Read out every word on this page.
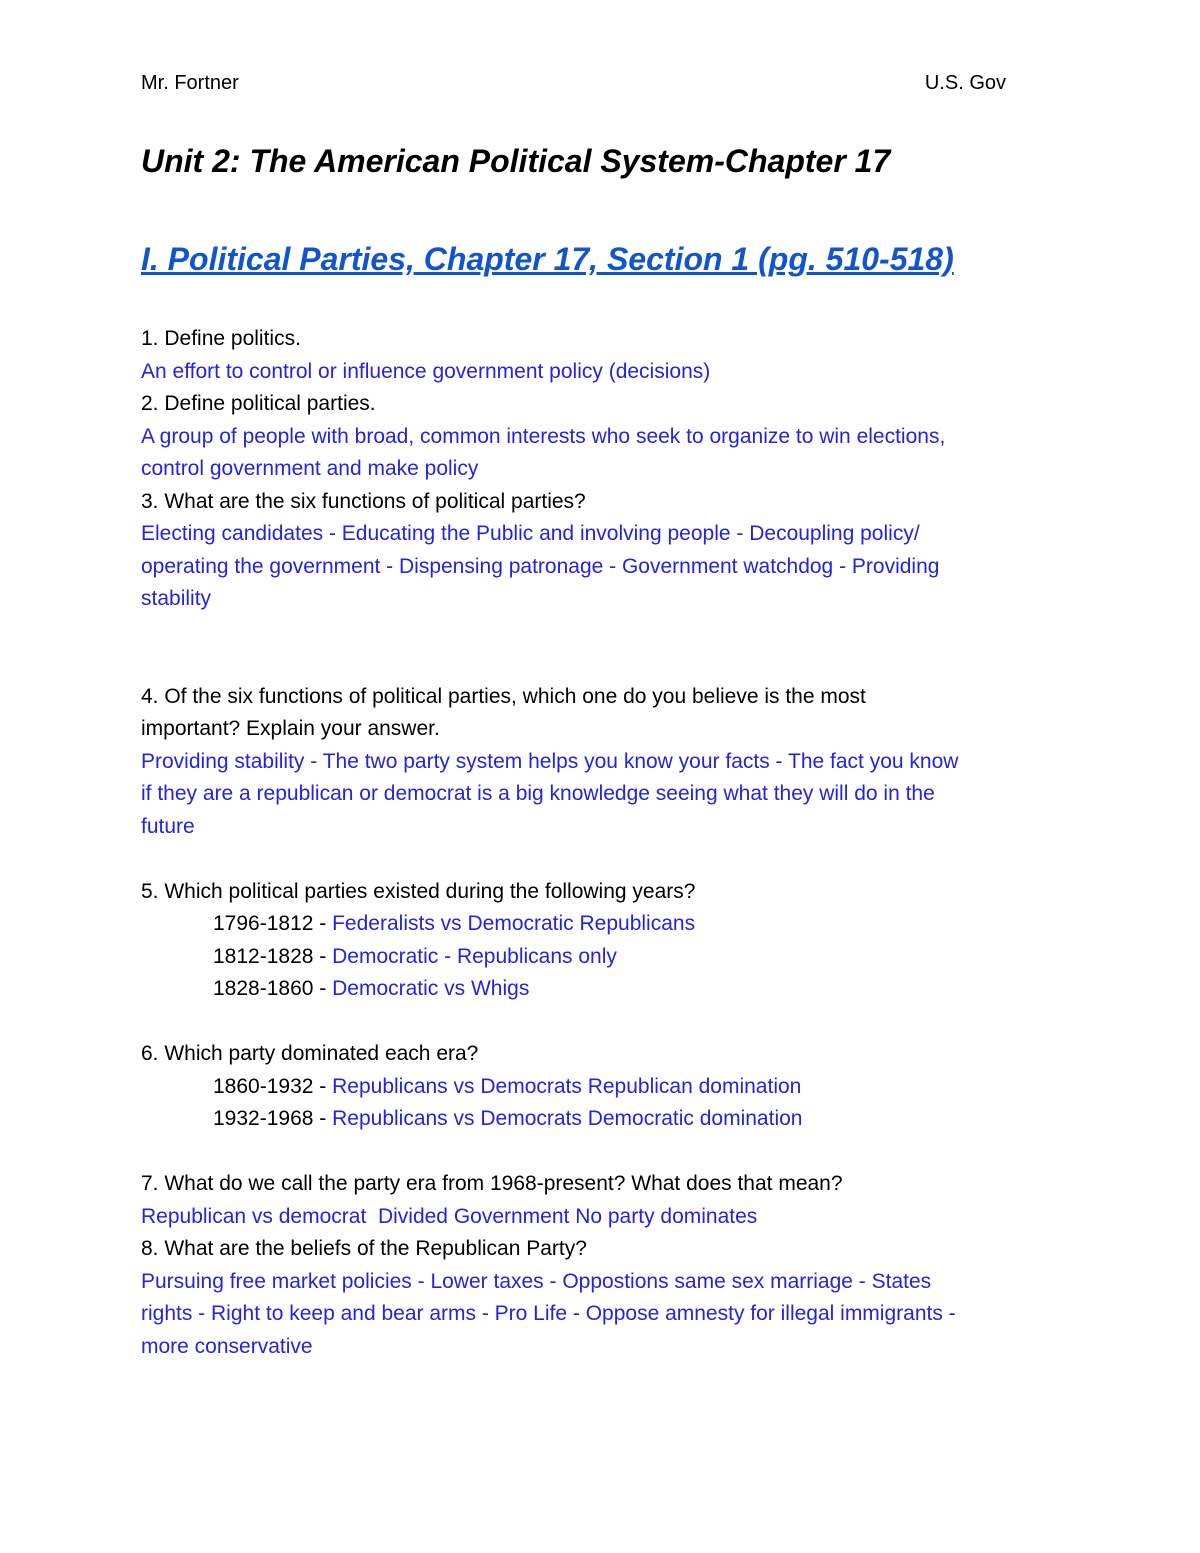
Mr. Fortner	U.S. Gov
Unit 2: The American Political System-Chapter 17
I. Political Parties, Chapter 17, Section 1 (pg. 510-518)
1. Define politics.
An effort to control or influence government policy (decisions)
2. Define political parties.
A group of people with broad, common interests who seek to organize to win elections,
control government and make policy
3. What are the six functions of political parties?
Electing candidates - Educating the Public and involving people - Decoupling policy/
operating the government - Dispensing patronage - Government watchdog - Providing
stability
4. Of the six functions of political parties, which one do you believe is the most
important? Explain your answer.
Providing stability - The two party system helps you know your facts - The fact you know
if they are a republican or democrat is a big knowledge seeing what they will do in the
future
5. Which political parties existed during the following years?
1796-1812 - Federalists vs Democratic Republicans
1812-1828 - Democratic - Republicans only
1828-1860 - Democratic vs Whigs
6. Which party dominated each era?
1860-1932 - Republicans vs Democrats Republican domination
1932-1968 - Republicans vs Democrats Democratic domination
7. What do we call the party era from 1968-present? What does that mean?
Republican vs democrat  Divided Government No party dominates
8. What are the beliefs of the Republican Party?
Pursuing free market policies - Lower taxes - Oppostions same sex marriage - States
rights - Right to keep and bear arms - Pro Life - Oppose amnesty for illegal immigrants -
more conservative
